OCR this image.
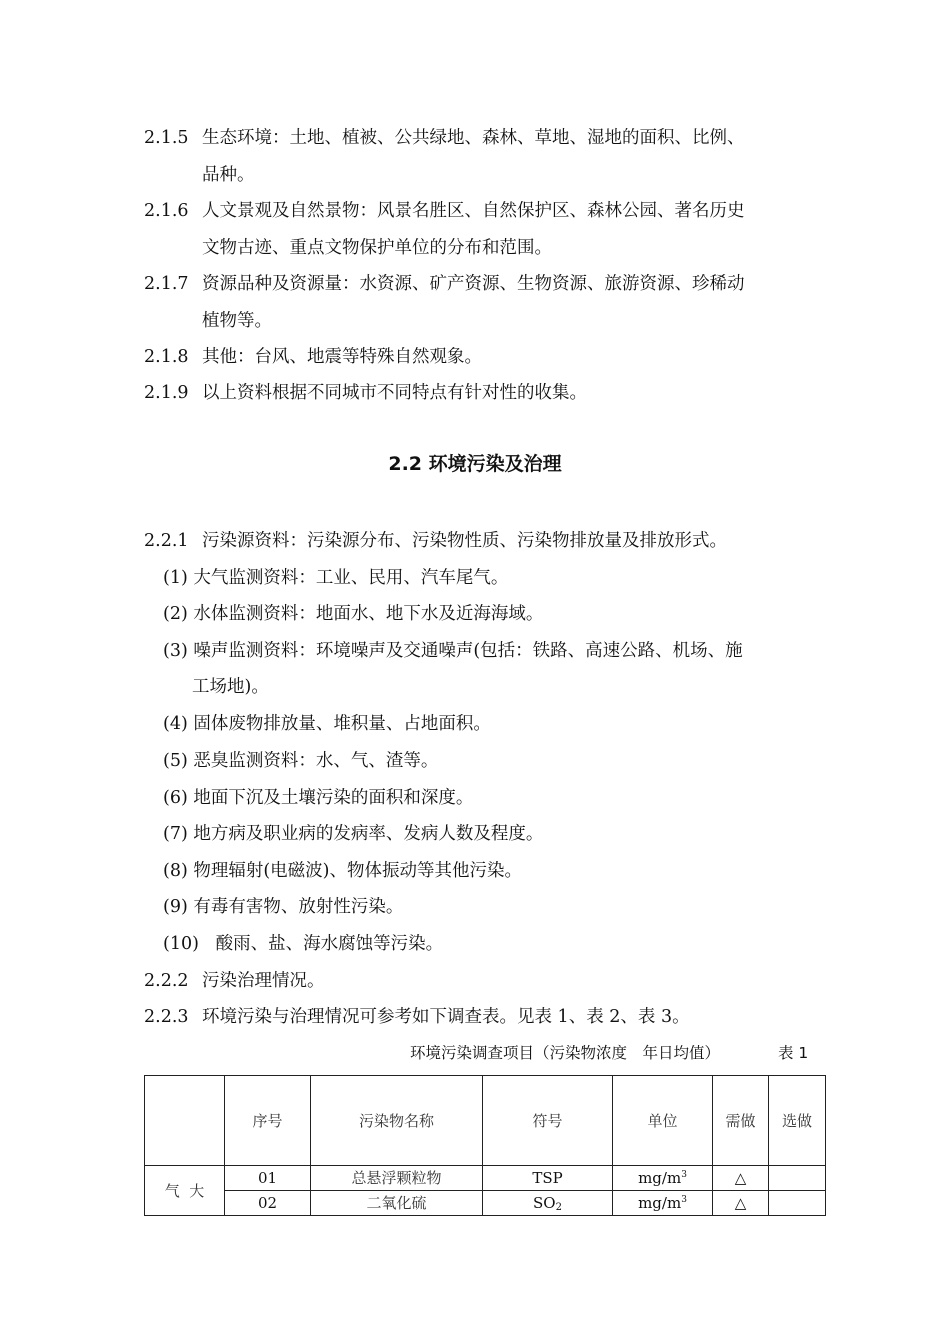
2.1.5 生态环境：土地、植被、公共绿地、森林、草地、湿地的面积、比例、
品种。
2.1.6 人文景观及自然景物：风景名胜区、自然保护区、森林公园、著名历史
文物古迹、重点文物保护单位的分布和范围。
2.1.7 资源品种及资源量：水资源、矿产资源、生物资源、旅游资源、珍稀动
植物等。
2.1.8 其他：台风、地震等特殊自然观象。
2.1.9 以上资料根据不同城市不同特点有针对性的收集。
2.2 环境污染及治理
2.2.1 污染源资料：污染源分布、污染物性质、污染物排放量及排放形式。
(1) 大气监测资料：工业、民用、汽车尾气。
(2) 水体监测资料：地面水、地下水及近海海域。
(3) 噪声监测资料：环境噪声及交通噪声(包括：铁路、高速公路、机场、施
工场地)。
(4) 固体废物排放量、堆积量、占地面积。
(5) 恶臭监测资料：水、气、渣等。
(6) 地面下沉及土壤污染的面积和深度。
(7) 地方病及职业病的发病率、发病人数及程度。
(8) 物理辐射(电磁波)、物体振动等其他污染。
(9) 有毒有害物、放射性污染。
(10)   酸雨、盐、海水腐蚀等污染。
2.2.2 污染治理情况。
2.2.3 环境污染与治理情况可参考如下调查表。见表 1、表 2、表 3。
环境污染调查项目（污染物浓度　年日均值）	表 1
	序号	污染物名称	符号	单位	需做	选做
气  大	01	总悬浮颗粒物	TSP	$mg/m^3$	△	
	02	二氧化硫	$SO_2$	$mg/m^3$	△	
